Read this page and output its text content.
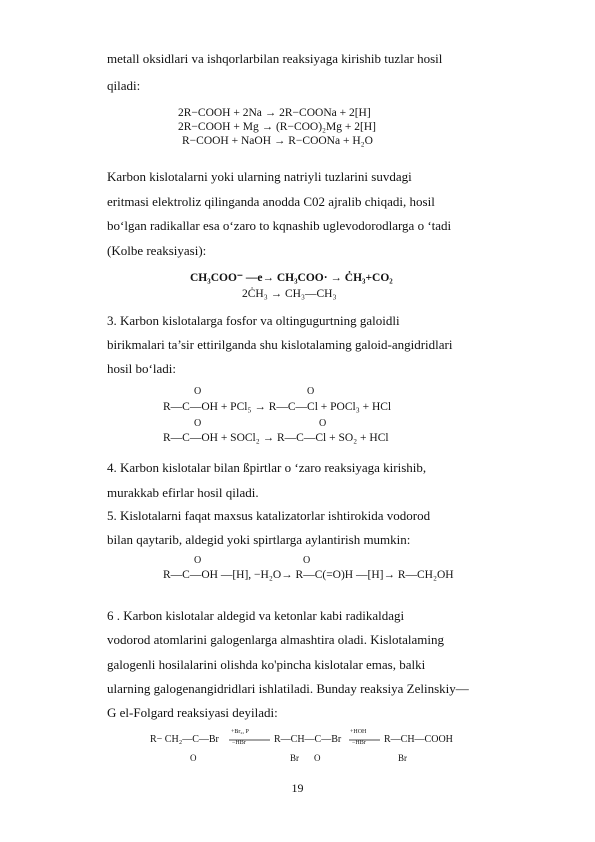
metall oksidlari va ishqorlarbilan reaksiyaga kirishib tuzlar hosil
qiladi:
2R−COOH + 2Na → 2R−COONa + 2[H]
2R−COOH + Mg → (R−COO)₂Mg + 2[H]
R−COOH + NaOH → R−COONa + H₂O
Karbon kislotalarni yoki ularning natriyli tuzlarini suvdagi
eritmasi elektroliz qilinganda anodda C02 ajralib chiqadi, hosil
bo‘lgan radikallar esa o‘zaro to kqnashib uglevodorodlarga o ‘tadi
(Kolbe reaksiyasi):
CH₃COO⁻ —e→ CH₃COO· → ĊH₃+CO₂
2ĊH₃ → CH₃—CH₃
3. Karbon kislotalarga fosfor va oltingugurtning galoidli
birikmalari ta’sir ettirilganda shu kislotalaming galoid-angidridlari
hosil bo‘ladi:
O	O
R—C—OH + PCl₅ → R—C—Cl + POCl₃ + HCl
O	O
R—C—OH + SOCl₂ → R—C—Cl + SO₂ + HCl
4. Karbon kislotalar bilan ßpirtlar o ‘zaro reaksiyaga kirishib,
murakkab efirlar hosil qiladi.
5. Kislotalarni faqat maxsus katalizatorlar ishtirokida vodorod
bilan qaytarib, aldegid yoki spirtlarga aylantirish mumkin:
O	O
R—C—OH —[H], −H₂O→ R—C(=O)H —[H]→ R—CH₂OH
6 . Karbon kislotalar aldegid va ketonlar kabi radikaldagi
vodorod atomlarini galogenlarga almashtira oladi. Kislotalaming
galogenli hosilalarini olishda ko'pincha kislotalar emas, balki
ularning galogenangidridlari ishlatiladi. Bunday reaksiya Zelinskiy—
G el-Folgard reaksiyasi deyiladi:
R− CH₂—C—Br
+Br₂, P
−HBr	R—CH—C—Br
+HOH
−HBr R—CH—COOH
O	Br O	Br
19
